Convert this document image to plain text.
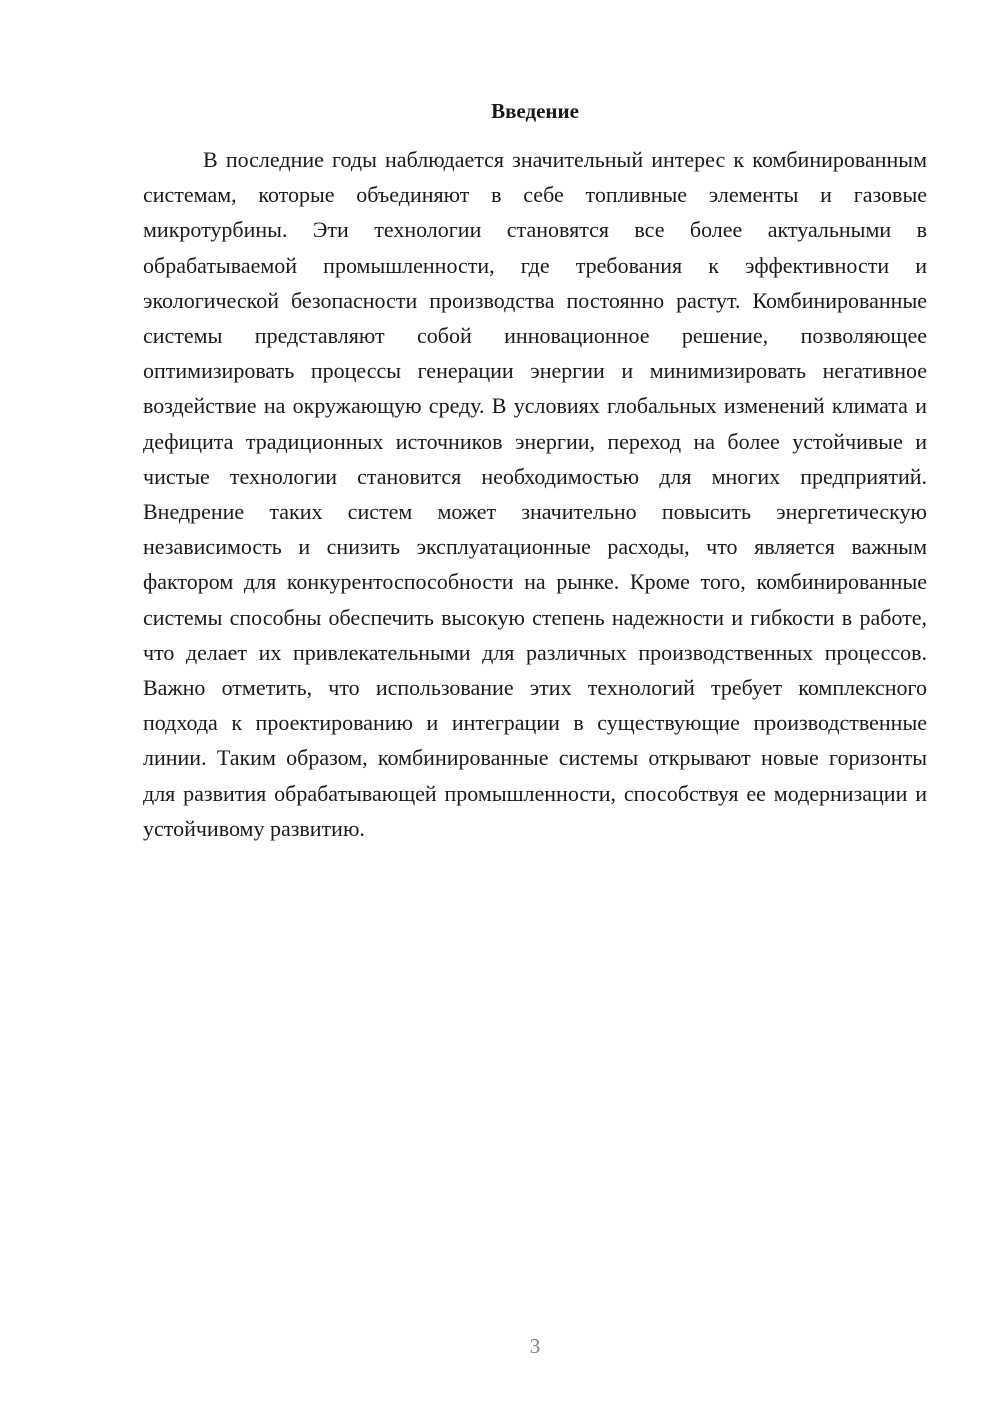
Введение

В последние годы наблюдается значительный интерес к комбинированным системам, которые объединяют в себе топливные элементы и газовые микротурбины. Эти технологии становятся все более актуальными в обрабатываемой промышленности, где требования к эффективности и экологической безопасности производства постоянно растут. Комбинированные системы представляют собой инновационное решение, позволяющее оптимизировать процессы генерации энергии и минимизировать негативное воздействие на окружающую среду. В условиях глобальных изменений климата и дефицита традиционных источников энергии, переход на более устойчивые и чистые технологии становится необходимостью для многих предприятий. Внедрение таких систем может значительно повысить энергетическую независимость и снизить эксплуатационные расходы, что является важным фактором для конкурентоспособности на рынке. Кроме того, комбинированные системы способны обеспечить высокую степень надежности и гибкости в работе, что делает их привлекательными для различных производственных процессов. Важно отметить, что использование этих технологий требует комплексного подхода к проектированию и интеграции в существующие производственные линии. Таким образом, комбинированные системы открывают новые горизонты для развития обрабатывающей промышленности, способствуя ее модернизации и устойчивому развитию.

3
